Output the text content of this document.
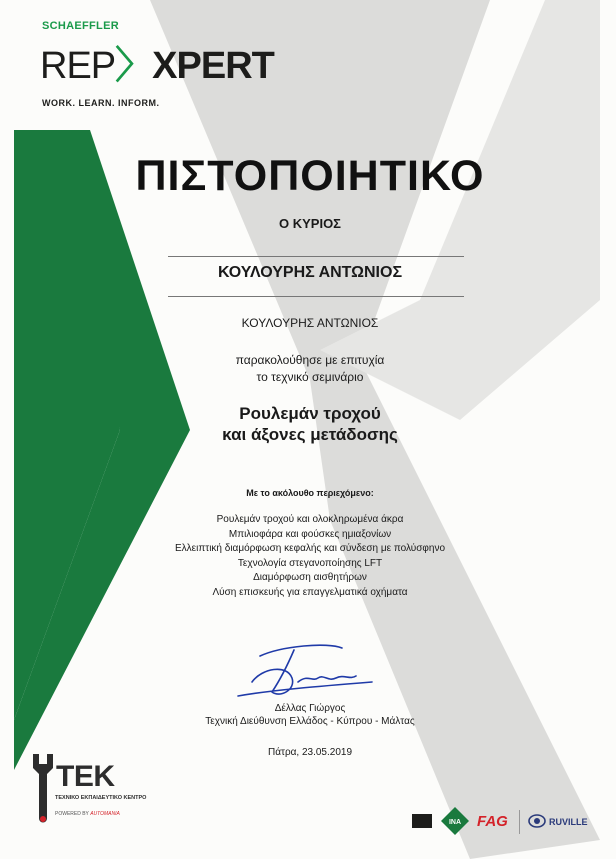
SCHAEFFLER
REP〉XPERT
WORK. LEARN. INFORM.
ΠΙΣΤΟΠΟΙΗΤΙΚΟ
Ο ΚΥΡΙΟΣ
ΚΟΥΛΟΥΡΗΣ ΑΝΤΩΝΙΟΣ
ΚΟΥΛΟΥΡΗΣ ΑΝΤΩΝΙΟΣ
παρακολούθησε με επιτυχία
το τεχνικό σεμινάριο
Ρουλεμάν τροχού
και άξονες μετάδοσης
Με το ακόλουθο περιεχόμενο:
Ρουλεμάν τροχού και ολοκληρωμένα άκρα
Μπιλιοφάρα και φούσκες ημιαξονίων
Ελλειπτική διαμόρφωση κεφαλής και σύνδεση με πολύσφηνο
Τεχνολογία στεγανοποίησης LFT
Διαμόρφωση αισθητήρων
Λύση επισκευής για επαγγελματικά οχήματα
Δέλλας Γιώργος
Τεχνική Διεύθυνση Ελλάδος - Κύπρου - Μάλτας
Πάτρα, 23.05.2019
TEK
ΤΕΧΝΙΚΟ ΕΚΠΑΙΔΕΥΤΙΚΟ ΚΕΝΤΡΟ
POWERED BY AUTOMANIA
INA FAG	RUVILLE
